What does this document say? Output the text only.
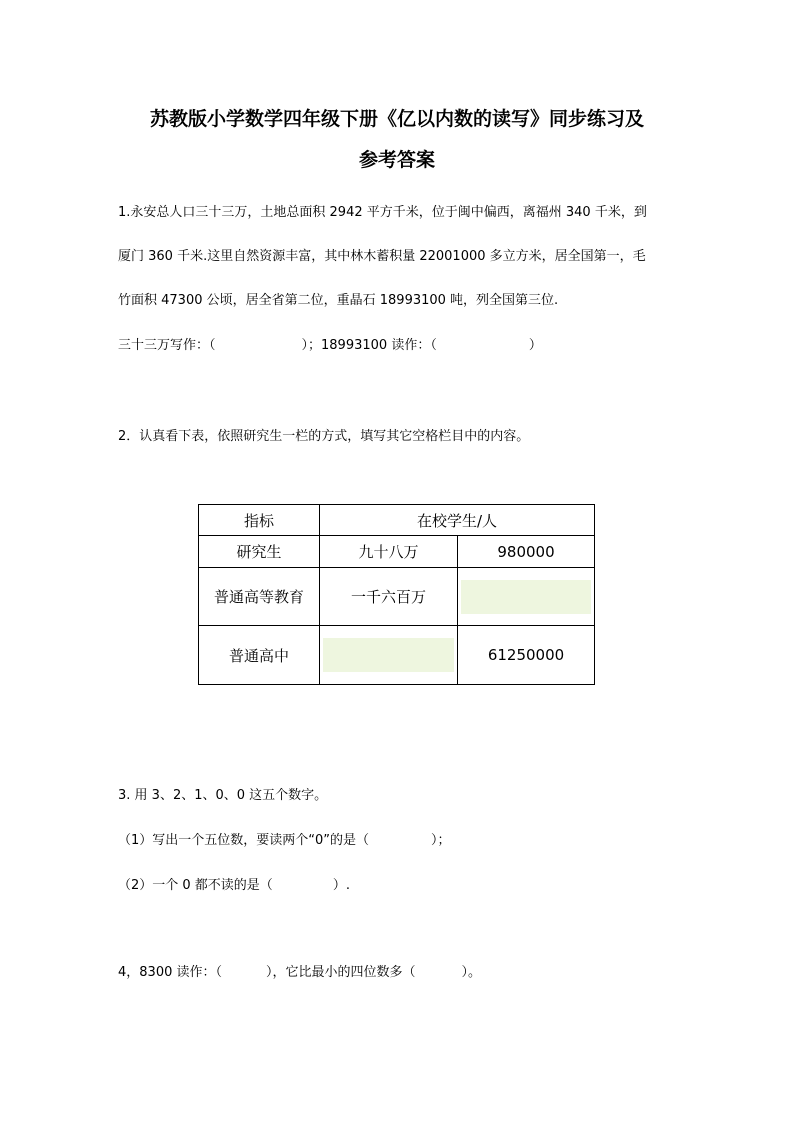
苏教版小学数学四年级下册《亿以内数的读写》同步练习及
参考答案
1.永安总人口三十三万，土地总面积 2942 平方千米，位于闽中偏西，离福州 340 千米，到
厦门 360 千米.这里自然资源丰富，其中林木蓄积量 22001000 多立方米，居全国第一，毛
竹面积 47300 公顷，居全省第二位，重晶石 18993100 吨，列全国第三位.
三十三万写作：（	）；18993100 读作：（	）
2．认真看下表，依照研究生一栏的方式，填写其它空格栏目中的内容。
指标	在校学生/人	
研究生	九十八万	980000
普通高等教育	一千六百万	

普通高中		61250000
3. 用 3、2、1、0、0 这五个数字。
（1）写出一个五位数，要读两个“0”的是（	）；
（2）一个 0 都不读的是（	）.
4，8300 读作：（	），它比最小的四位数多（	）。
